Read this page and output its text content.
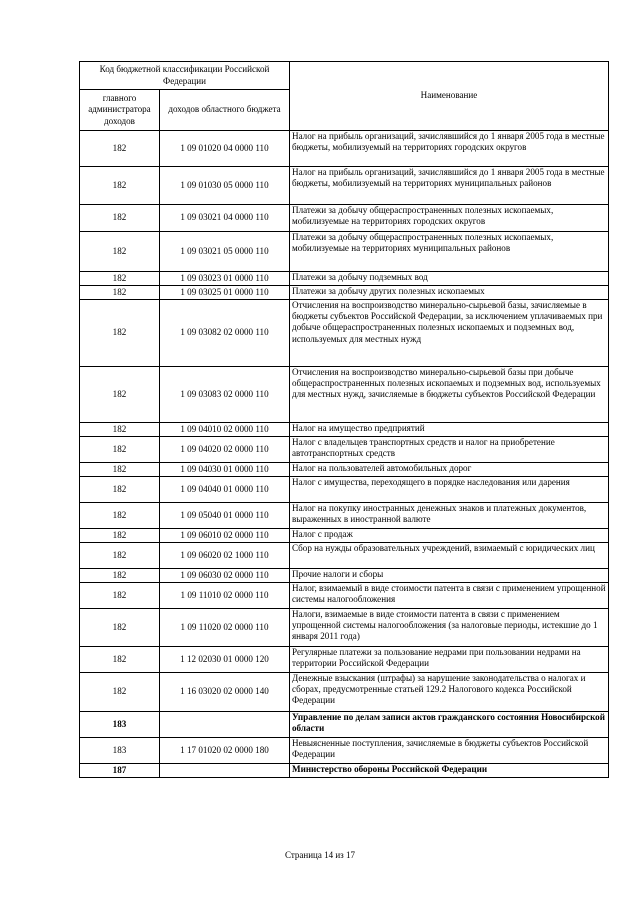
Код бюджетной классификации Российской Федерации		Наименование
главного администратора доходов	доходов областного бюджета	
182	1 09 01020 04 0000 110	Налог на прибыль организаций, зачислявшийся до 1 января 2005 года в местные бюджеты, мобилизуемый на территориях городских округов
182	1 09 01030 05 0000 110	Налог на прибыль организаций, зачислявшийся до 1 января 2005 года в местные бюджеты, мобилизуемый на территориях муниципальных районов
182	1 09 03021 04 0000 110	Платежи за добычу общераспространенных полезных ископаемых, мобилизуемые на территориях городских округов
182	1 09 03021 05 0000 110	Платежи за добычу общераспространенных полезных ископаемых, мобилизуемые на территориях муниципальных районов
182	1 09 03023 01 0000 110	Платежи за добычу подземных вод
182	1 09 03025 01 0000 110	Платежи за добычу других полезных ископаемых
182	1 09 03082 02 0000 110	Отчисления на воспроизводство минерально-сырьевой базы, зачисляемые в бюджеты субъектов Российской Федерации, за исключением уплачиваемых при добыче общераспространенных полезных ископаемых и подземных вод, используемых для местных нужд
182	1 09 03083 02 0000 110	Отчисления на воспроизводство минерально-сырьевой базы при добыче общераспространенных полезных ископаемых и подземных вод, используемых для местных нужд, зачисляемые в бюджеты субъектов Российской Федерации
182	1 09 04010 02 0000 110	Налог на имущество предприятий
182	1 09 04020 02 0000 110	Налог с владельцев транспортных средств и налог на приобретение автотранспортных средств
182	1 09 04030 01 0000 110	Налог на пользователей автомобильных дорог
182	1 09 04040 01 0000 110	Налог с имущества, переходящего в порядке наследования или дарения
182	1 09 05040 01 0000 110	Налог на покупку иностранных денежных знаков и платежных документов, выраженных в иностранной валюте
182	1 09 06010 02 0000 110	Налог с продаж
182	1 09 06020 02 1000 110	Сбор на нужды образовательных учреждений, взимаемый с юридических лиц
182	1 09 06030 02 0000 110	Прочие налоги и сборы
182	1 09 11010 02 0000 110	Налог, взимаемый в виде стоимости патента в связи с применением упрощенной системы налогообложения
182	1 09 11020 02 0000 110	Налоги, взимаемые в виде стоимости патента в связи с применением упрощенной системы налогообложения (за налоговые периоды, истекшие до 1 января 2011 года)
182	1 12 02030 01 0000 120	Регулярные платежи за пользование недрами при пользовании недрами на территории Российской Федерации
182	1 16 03020 02 0000 140	Денежные взыскания (штрафы) за нарушение законодательства о налогах и сборах, предусмотренные статьей 129.2 Налогового кодекса Российской Федерации
183		Управление по делам записи актов гражданского состояния Новосибирской области
183	1 17 01020 02 0000 180	Невыясненные поступления, зачисляемые в бюджеты субъектов Российской Федерации
187		Министерство обороны Российской Федерации
Страница 14 из 17
